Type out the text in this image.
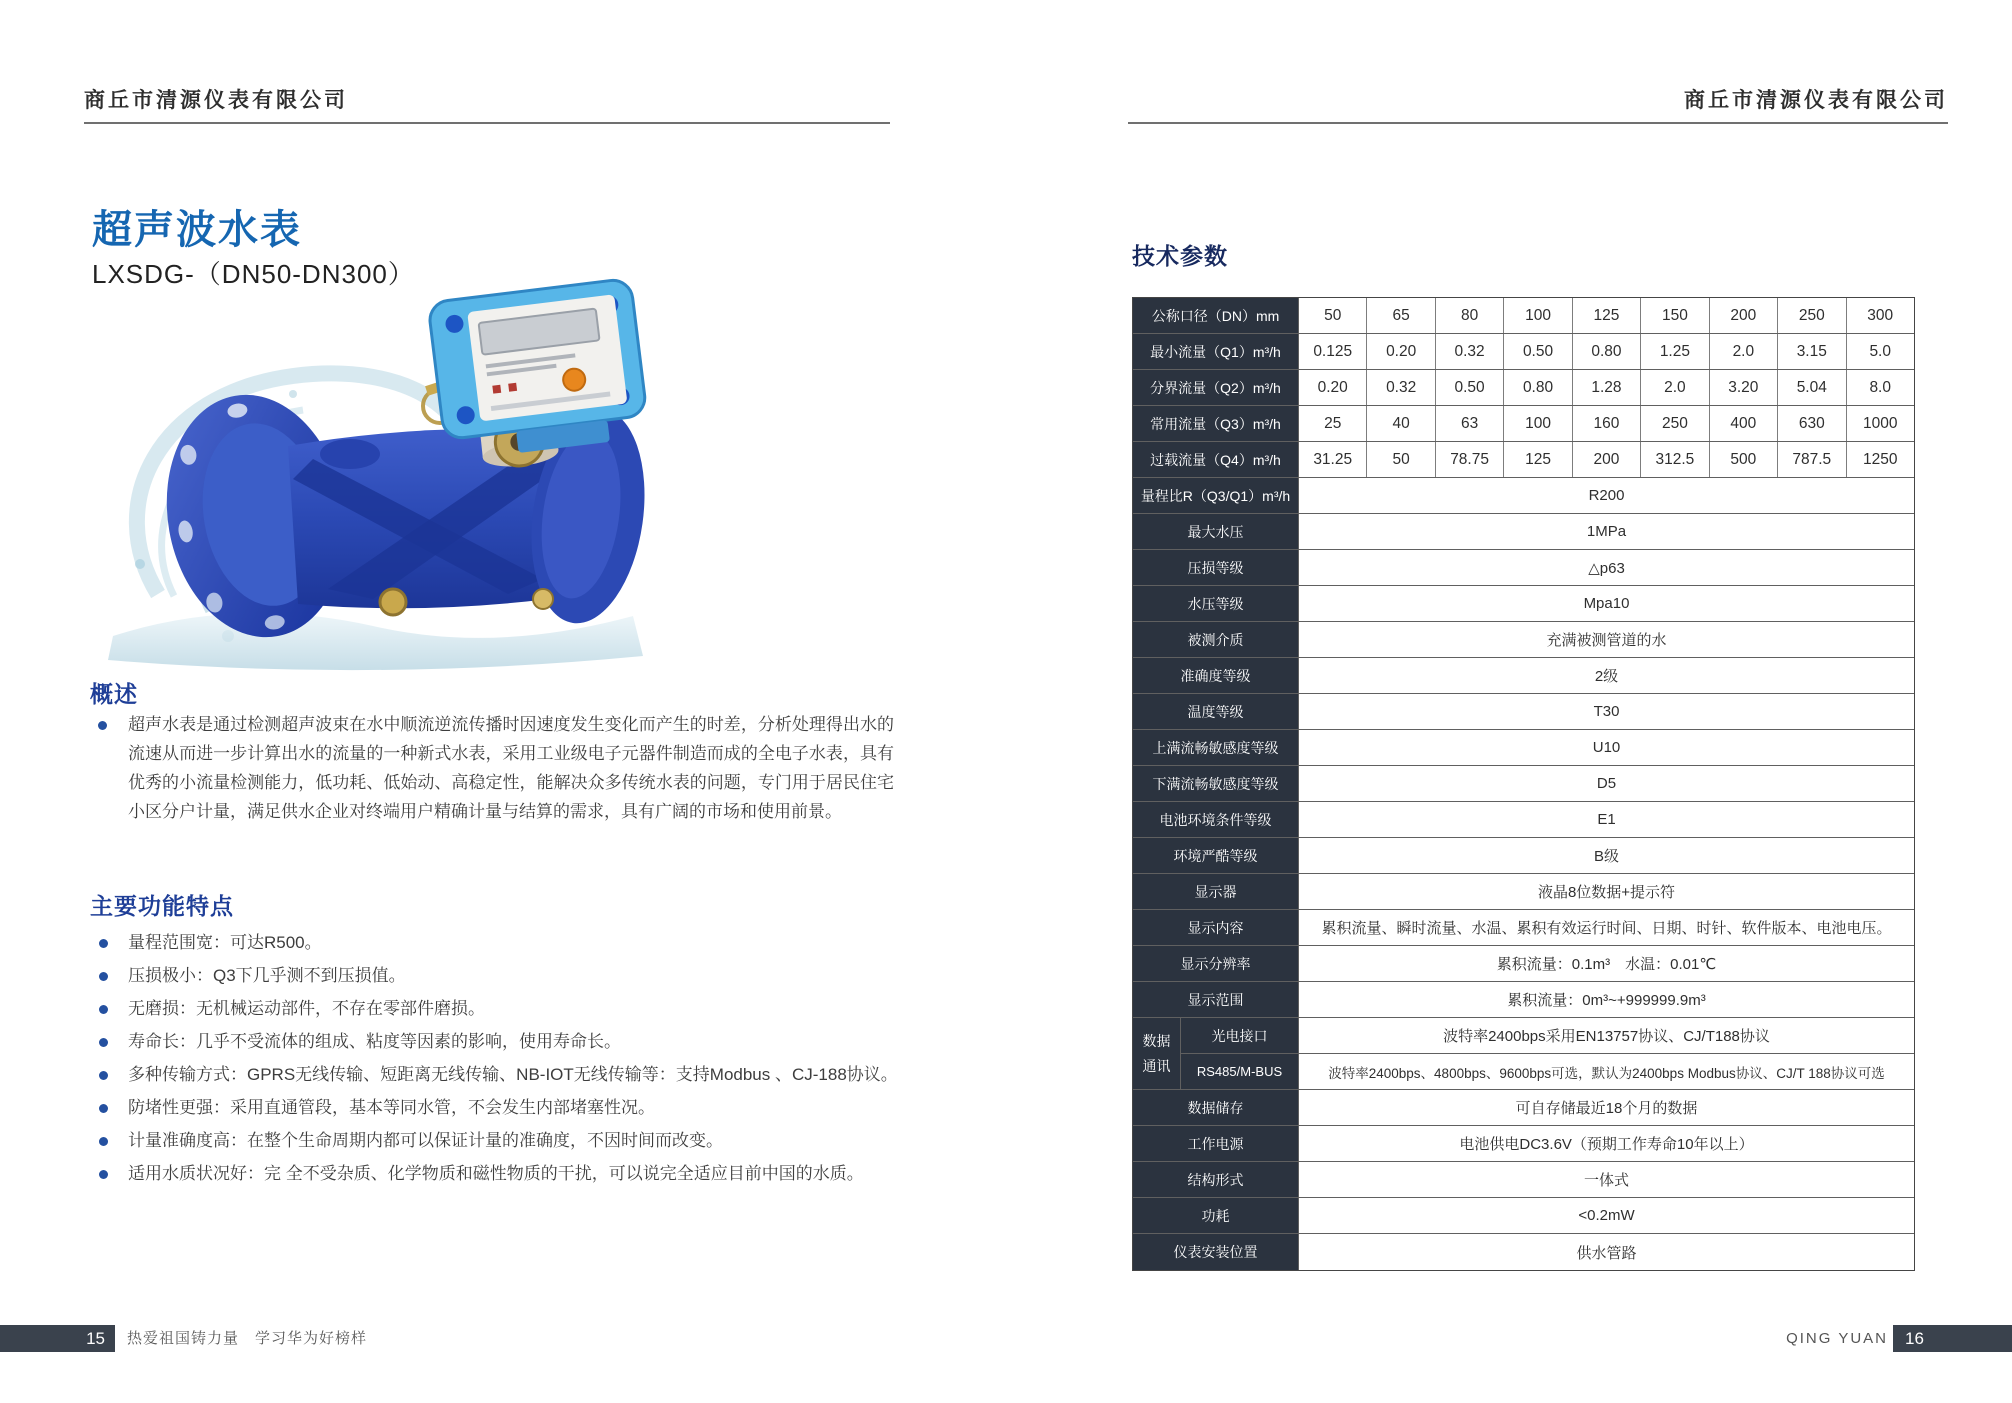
商丘市清源仪表有限公司
超声波水表
LXSDG-（DN50-DN300）
概述
超声水表是通过检测超声波束在水中顺流逆流传播时因速度发生变化而产生的时差，分析处理得出水的流速从而进一步计算出水的流量的一种新式水表，采用工业级电子元器件制造而成的全电子水表，具有优秀的小流量检测能力，低功耗、低始动、高稳定性，能解决众多传统水表的问题，专门用于居民住宅小区分户计量，满足供水企业对终端用户精确计量与结算的需求，具有广阔的市场和使用前景。
主要功能特点
量程范围宽：可达R500。
压损极小：Q3下几乎测不到压损值。
无磨损：无机械运动部件，不存在零部件磨损。
寿命长：几乎不受流体的组成、粘度等因素的影响，使用寿命长。
多种传输方式：GPRS无线传输、短距离无线传输、NB-IOT无线传输等：支持Modbus 、CJ-188协议。
防堵性更强：采用直通管段，基本等同水管，不会发生内部堵塞性况。
计量准确度高：在整个生命周期内都可以保证计量的准确度，不因时间而改变。
适用水质状况好：完 全不受杂质、化学物质和磁性物质的干扰，可以说完全适应目前中国的水质。
15	热爱祖国铸力量　学习华为好榜样
商丘市清源仪表有限公司
技术参数
公称口径（DN）mm	50	65	80	100	125	150	200	250	300
最小流量（Q1）m³/h	0.125	0.20	0.32	0.50	0.80	1.25	2.0	3.15	5.0
分界流量（Q2）m³/h	0.20	0.32	0.50	0.80	1.28	2.0	3.20	5.04	8.0
常用流量（Q3）m³/h	25	40	63	100	160	250	400	630	1000
过载流量（Q4）m³/h	31.25	50	78.75	125	200	312.5	500	787.5	1250
量程比R（Q3/Q1）m³/h	R200
最大水压	1MPa
压损等级	△p63
水压等级	Mpa10
被测介质	充满被测管道的水
准确度等级	2级
温度等级	T30
上满流畅敏感度等级	U10
下满流畅敏感度等级	D5
电池环境条件等级	E1
环境严酷等级	B级
显示器	液晶8位数据+提示符
显示内容	累积流量、瞬时流量、水温、累积有效运行时间、日期、时针、软件版本、电池电压。
显示分辨率	累积流量：0.1m³　水温：0.01℃
显示范围	累积流量：0m³~+999999.9m³
数据
通讯
光电接口	波特率2400bps采用EN13757协议、CJ/T188协议
RS485/M-BUS	波特率2400bps、4800bps、9600bps可选，默认为2400bps Modbus协议、CJ/T 188协议可选
数据储存	可自存储最近18个月的数据
工作电源	电池供电DC3.6V（预期工作寿命10年以上）
结构形式	一体式
功耗	<0.2mW
仪表安装位置	供水管路
QING YUAN	16
